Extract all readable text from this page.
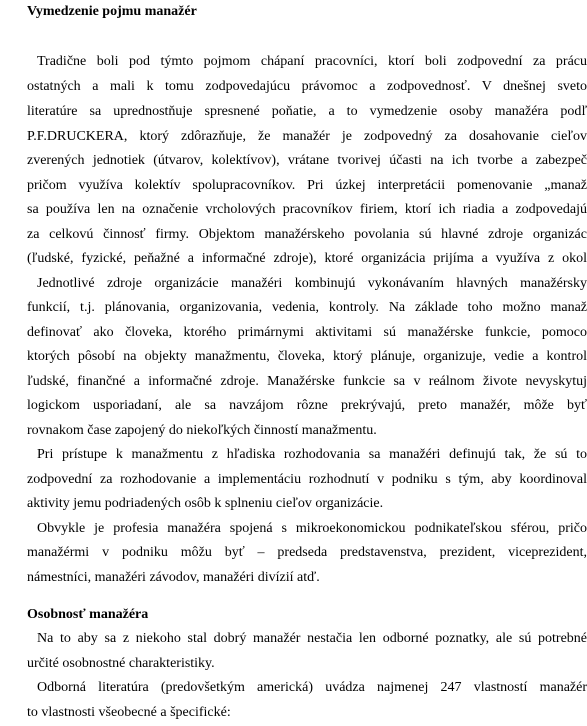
Vymedzenie pojmu manažér
Tradične boli pod týmto pojmom chápaní pracovníci, ktorí boli zodpovední za prácu
ostatných a mali k tomu zodpovedajúcu právomoc a zodpovednosť. V dnešnej sveto
literatúre sa uprednostňuje spresnené poňatie, a to vymedzenie osoby manažéra podľ
P.F.DRUCKERA, ktorý zdôrazňuje, že manažér je zodpovedný za dosahovanie cieľov
zverených jednotiek (útvarov, kolektívov), vrátane tvorivej účasti na ich tvorbe a zabezpeč
pričom využíva kolektív spolupracovníkov. Pri úzkej interpretácii pomenovanie „manaž
sa používa len na označenie vrcholových pracovníkov firiem, ktorí ich riadia a zodpovedajú
za celkovú činnosť firmy. Objektom manažérskeho povolania sú hlavné zdroje organizác
(ľudské, fyzické, peňažné a informačné zdroje), ktoré organizácia prijíma a využíva z okol
Jednotlivé zdroje organizácie manažéri kombinujú vykonávaním hlavných manažérsky
funkcií, t.j. plánovania, organizovania, vedenia, kontroly. Na základe toho možno manaž
definovať ako človeka, ktorého primárnymi aktivitami sú manažérske funkcie, pomoco
ktorých pôsobí na objekty manažmentu, človeka, ktorý plánuje, organizuje, vedie a kontrol
ľudské, finančné a informačné zdroje. Manažérske funkcie sa v reálnom živote nevyskytuj
logickom usporiadaní, ale sa navzájom rôzne prekrývajú, preto manažér, môže byť
rovnakom čase zapojený do niekoľkých činností manažmentu.
Pri prístupe k manažmentu z hľadiska rozhodovania sa manažéri definujú tak, že sú to
zodpovední za rozhodovanie a implementáciu rozhodnutí v podniku s tým, aby koordinoval
aktivity jemu podriadených osôb k splneniu cieľov organizácie.
Obvykle je profesia manažéra spojená s mikroekonomickou podnikateľskou sférou, pričo
manažérmi v podniku môžu byť – predseda predstavenstva, prezident, viceprezident,
námestníci, manažéri závodov, manažéri divízií atď.
Osobnosť manažéra
Na to aby sa z niekoho stal dobrý manažér nestačia len odborné poznatky, ale sú potrebné
určité osobnostné charakteristiky.
Odborná literatúra (predovšetkým americká) uvádza najmenej 247 vlastností manažér
to vlastnosti všeobecné a špecifické:
